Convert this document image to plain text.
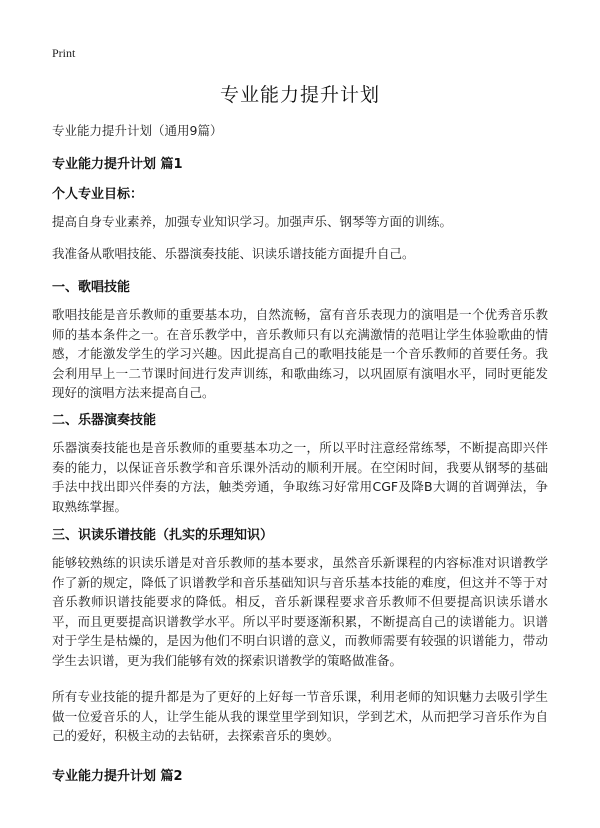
Print
专业能力提升计划
专业能力提升计划（通用9篇）
专业能力提升计划 篇1
个人专业目标：
提高自身专业素养，加强专业知识学习。加强声乐、钢琴等方面的训练。
我准备从歌唱技能、乐器演奏技能、识读乐谱技能方面提升自己。
一、歌唱技能
歌唱技能是音乐教师的重要基本功，自然流畅，富有音乐表现力的演唱是一个优秀音乐教师的基本条件之一。在音乐教学中，音乐教师只有以充满激情的范唱让学生体验歌曲的情感，才能激发学生的学习兴趣。因此提高自己的歌唱技能是一个音乐教师的首要任务。我会利用早上一二节课时间进行发声训练，和歌曲练习，以巩固原有演唱水平，同时更能发现好的演唱方法来提高自己。
二、乐器演奏技能
乐器演奏技能也是音乐教师的重要基本功之一，所以平时注意经常练琴，不断提高即兴伴奏的能力，以保证音乐教学和音乐课外活动的顺利开展。在空闲时间，我要从钢琴的基础手法中找出即兴伴奏的方法，触类旁通，争取练习好常用CGF及降B大调的首调弹法，争取熟练掌握。
三、识读乐谱技能（扎实的乐理知识）
能够较熟练的识读乐谱是对音乐教师的基本要求，虽然音乐新课程的内容标准对识谱教学作了新的规定，降低了识谱教学和音乐基础知识与音乐基本技能的难度，但这并不等于对音乐教师识谱技能要求的降低。相反，音乐新课程要求音乐教师不但要提高识读乐谱水平，而且更要提高识谱教学水平。所以平时要逐渐积累，不断提高自己的读谱能力。识谱对于学生是枯燥的，是因为他们不明白识谱的意义，而教师需要有较强的识谱能力，带动学生去识谱，更为我们能够有效的探索识谱教学的策略做准备。
所有专业技能的提升都是为了更好的上好每一节音乐课，利用老师的知识魅力去吸引学生做一位爱音乐的人，让学生能从我的课堂里学到知识，学到艺术，从而把学习音乐作为自己的爱好，积极主动的去钻研，去探索音乐的奥妙。
专业能力提升计划 篇2
